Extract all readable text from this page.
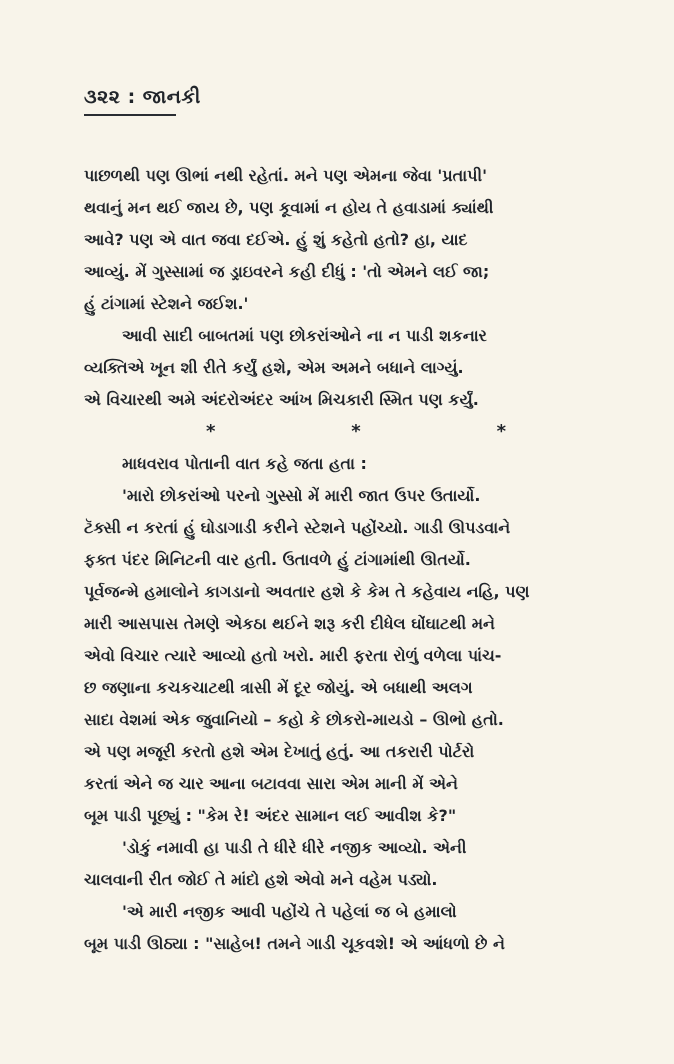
૩૨૨ : જાનકી
પાછળથી પણ ઊભાં નથી રહેતાં. મને પણ એમના જેવા 'પ્રતાપી'
થવાનું મન થઈ જાય છે, પણ કૂવામાં ન હોય તે હવાડામાં ક્યાંથી
આવે? પણ એ વાત જવા દઈએ. હું શું કહેતો હતો? હા, યાદ
આવ્યું. મેં ગુસ્સામાં જ ડ્રાઇવરને કહી દીધું : 'તો એમને લઈ જા;
હું ટાંગામાં સ્ટેશને જઈશ.'
આવી સાદી બાબતમાં પણ છોકરાંઓને ના ન પાડી શકનાર
વ્યક્તિએ ખૂન શી રીતે કર્યું હશે, એમ અમને બધાને લાગ્યું.
એ વિચારથી અમે અંદરોઅંદર આંખ મિચકારી સ્મિત પણ કર્યું.
*	*	*
માધવરાવ પોતાની વાત કહે જતા હતા :
'મારો છોકરાંઓ પરનો ગુસ્સો મેં મારી જાત ઉપર ઉતાર્યો.
ટૅક્સી ન કરતાં હું ઘોડાગાડી કરીને સ્ટેશને પહોંચ્યો. ગાડી ઊપડવાને
ફક્ત પંદર મિનિટની વાર હતી. ઉતાવળે હું ટાંગામાંથી ઊતર્યો.
પૂર્વજન્મે હમાલોને કાગડાનો અવતાર હશે કે કેમ તે કહેવાય નહિ, પણ
મારી આસપાસ તેમણે એકઠા થઈને શરૂ કરી દીધેલ ઘોંઘાટથી મને
એવો વિચાર ત્યારે આવ્યો હતો ખરો. મારી ફરતા રોળું વળેલા પાંચ-
છ જણાના કચકચાટથી ત્રાસી મેં દૂર જોયું. એ બધાથી અલગ
સાદા વેશમાં એક જુવાનિયો – કહો કે છોકરો-માયડો – ઊભો હતો.
એ પણ મજૂરી કરતો હશે એમ દેખાતું હતું. આ તકરારી પોર્ટરો
કરતાં એને જ ચાર આના બટાવવા સારા એમ માની મેં એને
બૂમ પાડી પૂછ્યું : "કેમ રે! અંદર સામાન લઈ આવીશ કે?"
'ડોકું નમાવી હા પાડી તે ધીરે ધીરે નજીક આવ્યો. એની
ચાલવાની રીત જોઈ તે માંદો હશે એવો મને વહેમ પડ્યો.
'એ મારી નજીક આવી પહોંચે તે પહેલાં જ બે હમાલો
બૂમ પાડી ઊઠ્યા : "સાહેબ! તમને ગાડી ચૂકવશે! એ આંધળો છે ને
